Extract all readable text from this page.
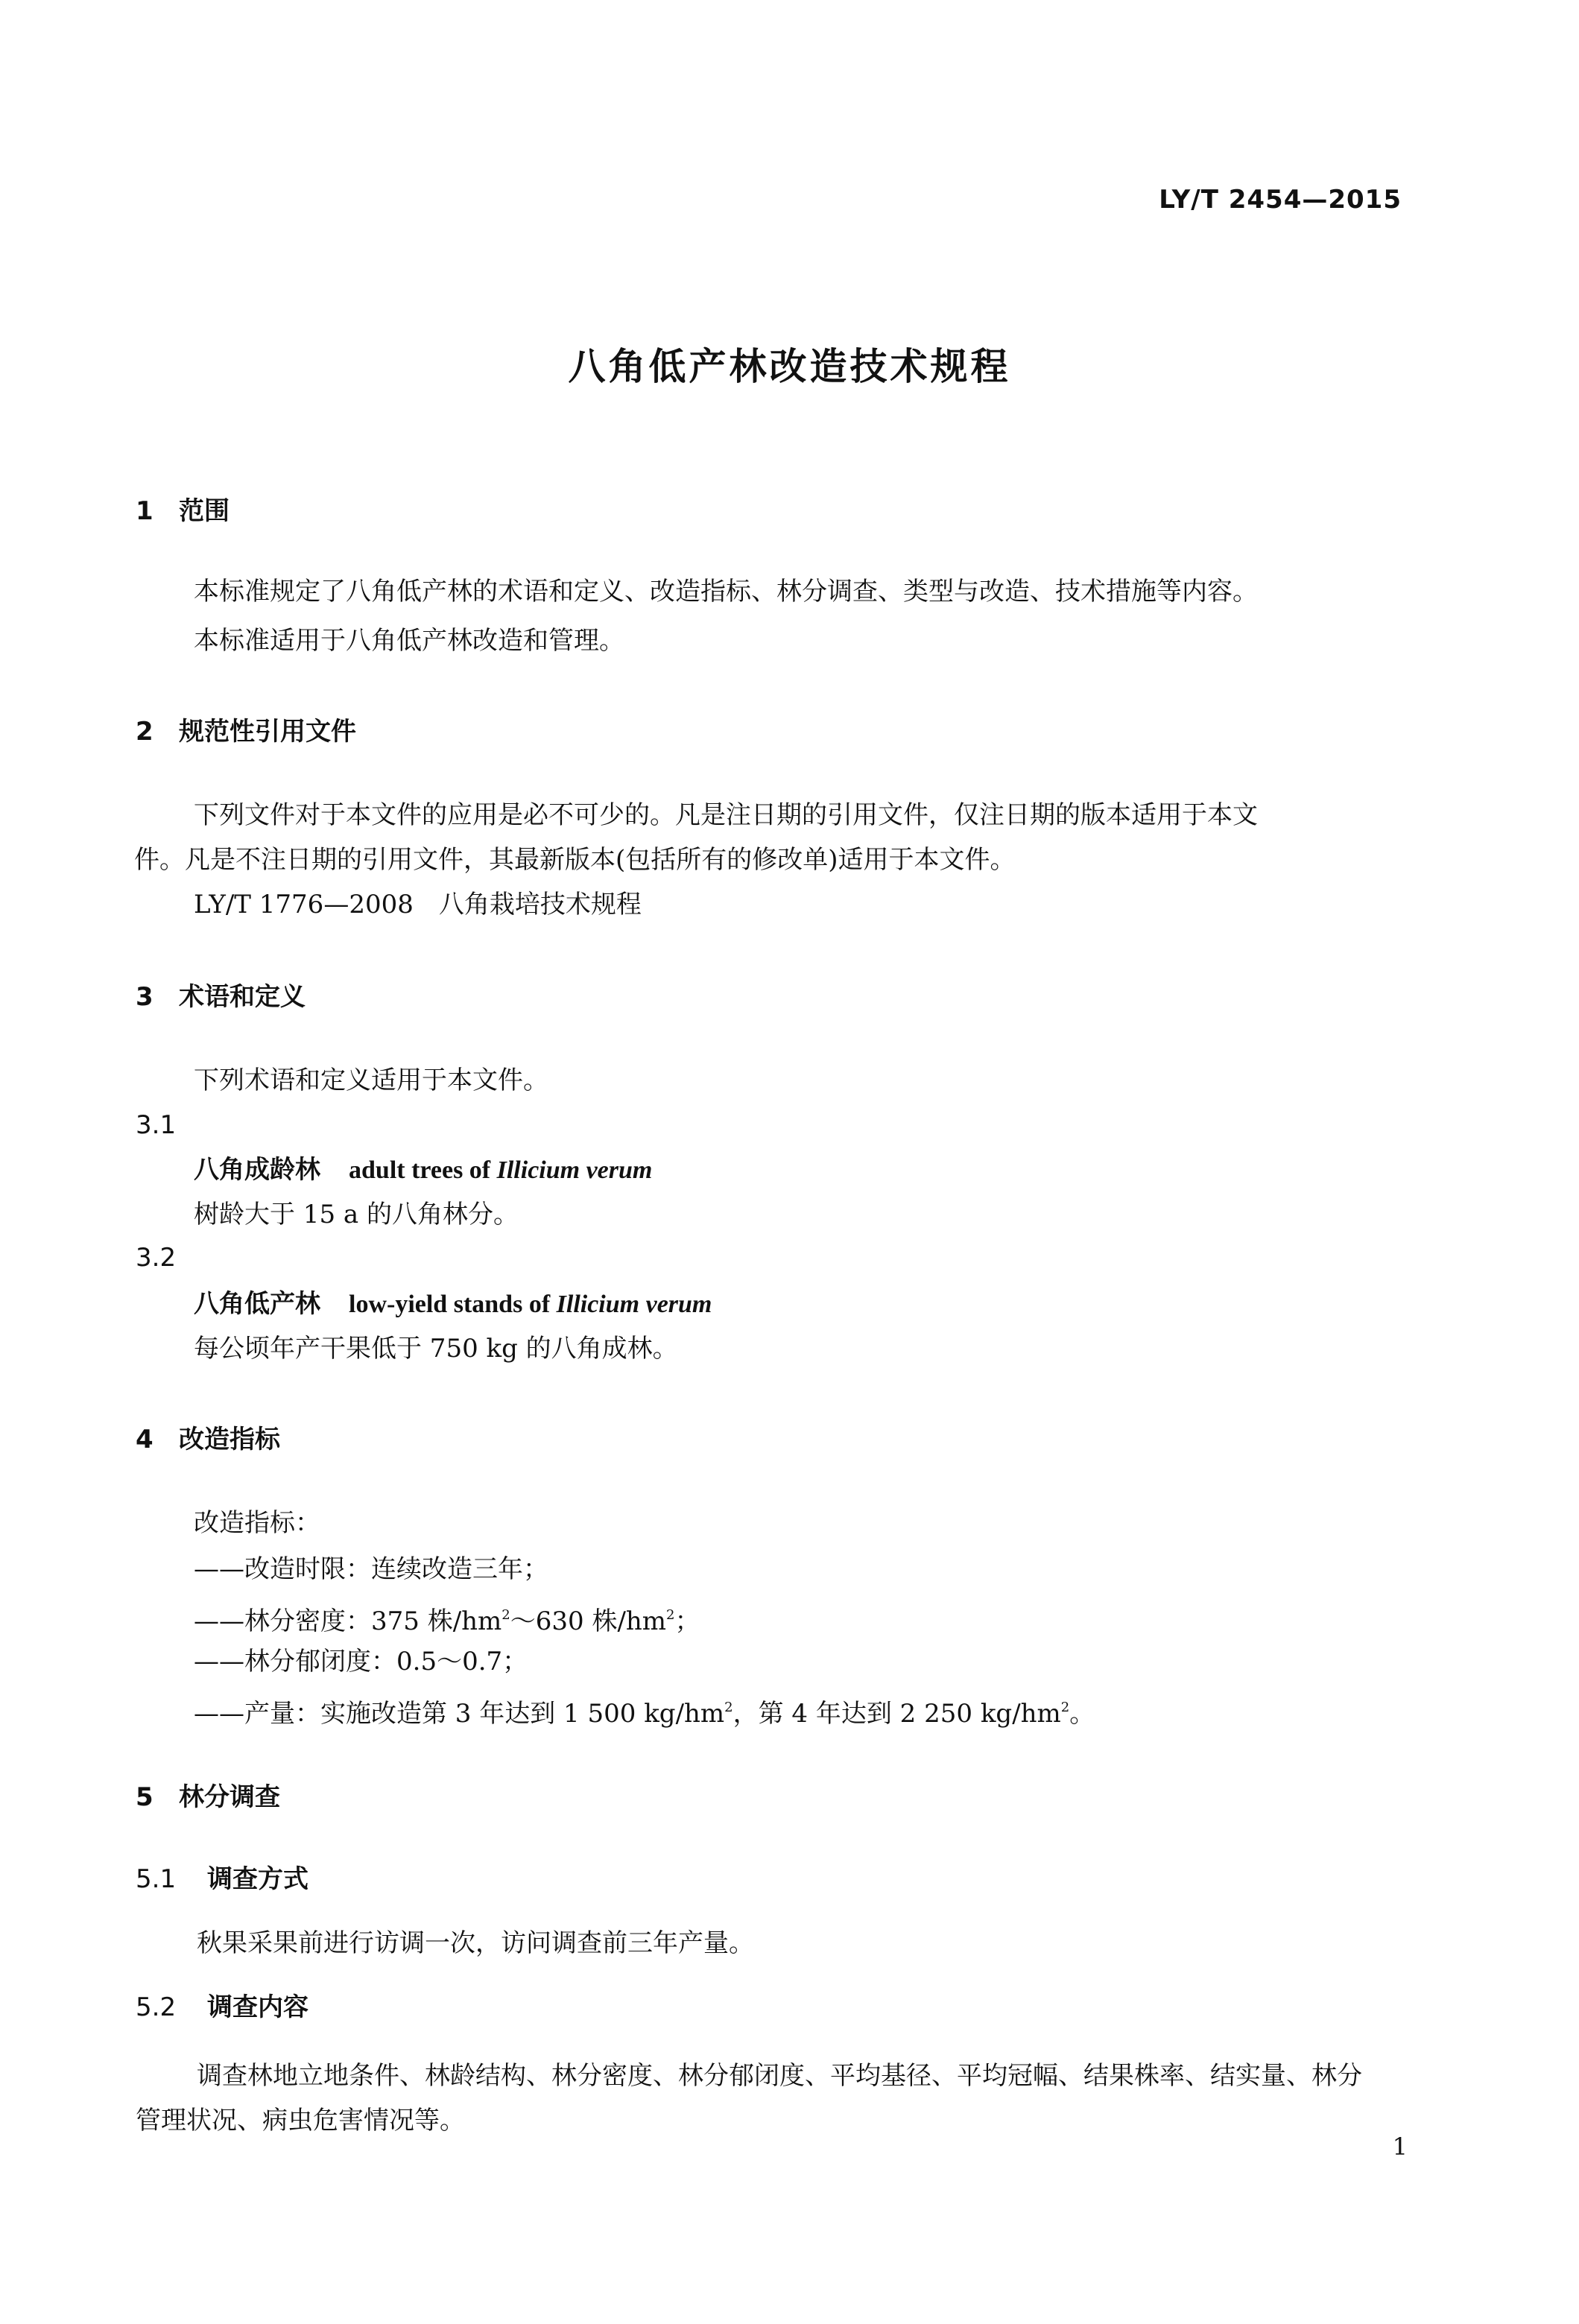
LY/T 2454—2015
八角低产林改造技术规程
1 范围
本标准规定了八角低产林的术语和定义、改造指标、林分调查、类型与改造、技术措施等内容。
本标准适用于八角低产林改造和管理。
2 规范性引用文件
下列文件对于本文件的应用是必不可少的。凡是注日期的引用文件，仅注日期的版本适用于本文
件。凡是不注日期的引用文件，其最新版本(包括所有的修改单)适用于本文件。
LY/T 1776—2008 八角栽培技术规程
3 术语和定义
下列术语和定义适用于本文件。
3.1
八角成龄林 adult trees of Illicium verum
树龄大于 15 a 的八角林分。
3.2
八角低产林 low-yield stands of Illicium verum
每公顷年产干果低于 750 kg 的八角成林。
4 改造指标
改造指标：
——改造时限：连续改造三年；
——林分密度：375 株$/hm^2\sim 630$ 株$/hm^2$；
——林分郁闭度：0.5～0.7；
——产量：实施改造第 3 年达到 1 500 $kg/hm^2$，第 4 年达到 2 250 $kg/hm^2$。
5 林分调查
5.1 调查方式
秋果采果前进行访调一次，访问调查前三年产量。
5.2 调查内容
调查林地立地条件、林龄结构、林分密度、林分郁闭度、平均基径、平均冠幅、结果株率、结实量、林分
管理状况、病虫危害情况等。
1
